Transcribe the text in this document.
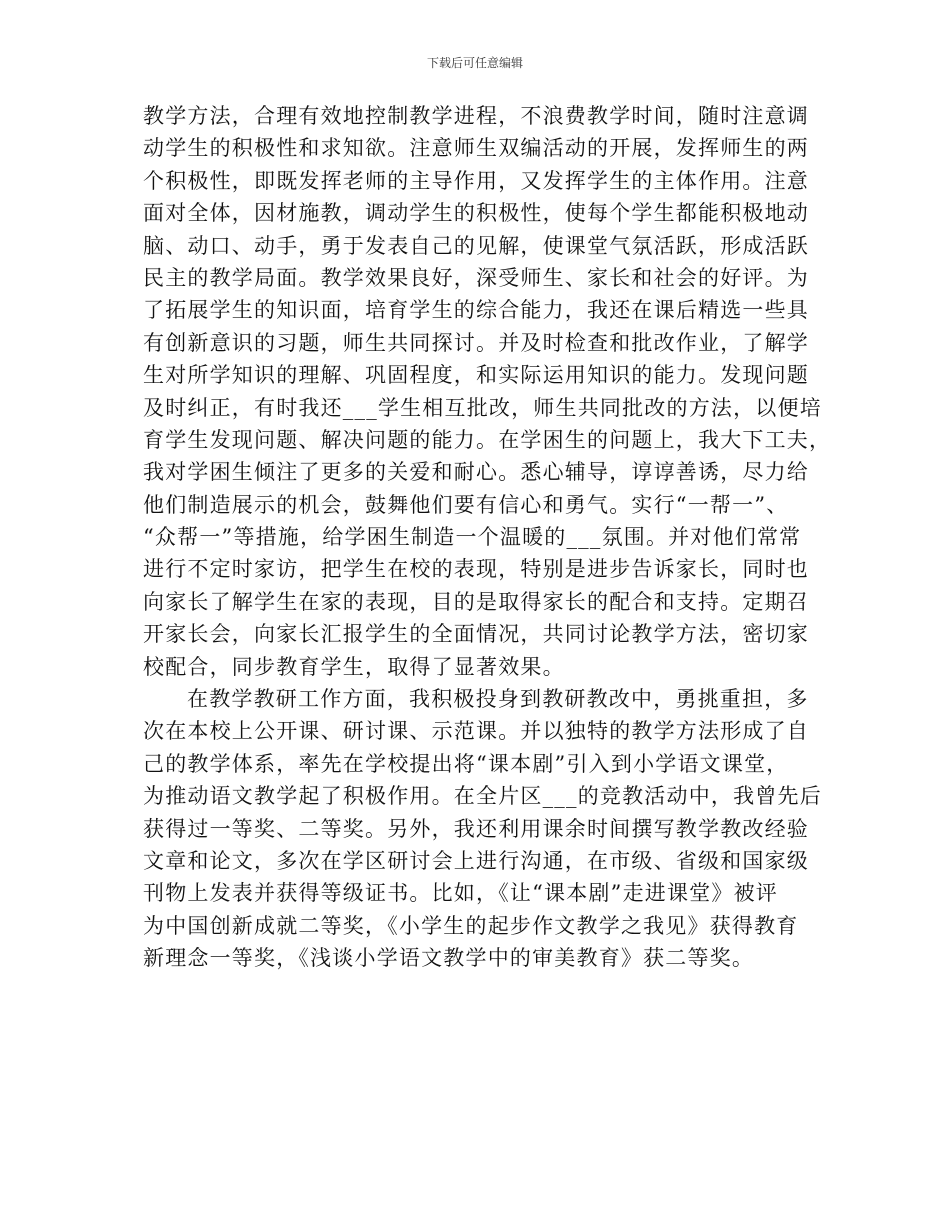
下载后可任意编辑
教学方法，合理有效地控制教学进程，不浪费教学时间，随时注意调
动学生的积极性和求知欲。注意师生双编活动的开展，发挥师生的两
个积极性，即既发挥老师的主导作用，又发挥学生的主体作用。注意
面对全体，因材施教，调动学生的积极性，使每个学生都能积极地动
脑、动口、动手，勇于发表自己的见解，使课堂气氛活跃，形成活跃
民主的教学局面。教学效果良好，深受师生、家长和社会的好评。为
了拓展学生的知识面，培育学生的综合能力，我还在课后精选一些具
有创新意识的习题，师生共同探讨。并及时检查和批改作业，了解学
生对所学知识的理解、巩固程度，和实际运用知识的能力。发现问题
及时纠正，有时我还___学生相互批改，师生共同批改的方法，以便培
育学生发现问题、解决问题的能力。在学困生的问题上，我大下工夫，
我对学困生倾注了更多的关爱和耐心。悉心辅导，谆谆善诱，尽力给
他们制造展示的机会，鼓舞他们要有信心和勇气。实行“一帮一”、
“众帮一”等措施，给学困生制造一个温暖的___氛围。并对他们常常
进行不定时家访，把学生在校的表现，特别是进步告诉家长，同时也
向家长了解学生在家的表现，目的是取得家长的配合和支持。定期召
开家长会，向家长汇报学生的全面情况，共同讨论教学方法，密切家
校配合，同步教育学生，取得了显著效果。
在教学教研工作方面，我积极投身到教研教改中，勇挑重担，多
次在本校上公开课、研讨课、示范课。并以独特的教学方法形成了自
己的教学体系，率先在学校提出将“课本剧”引入到小学语文课堂，
为推动语文教学起了积极作用。在全片区___的竞教活动中，我曾先后
获得过一等奖、二等奖。另外，我还利用课余时间撰写教学教改经验
文章和论文，多次在学区研讨会上进行沟通，在市级、省级和国家级
刊物上发表并获得等级证书。比如，《让“课本剧”走进课堂》被评
为中国创新成就二等奖，《小学生的起步作文教学之我见》获得教育
新理念一等奖，《浅谈小学语文教学中的审美教育》获二等奖。
